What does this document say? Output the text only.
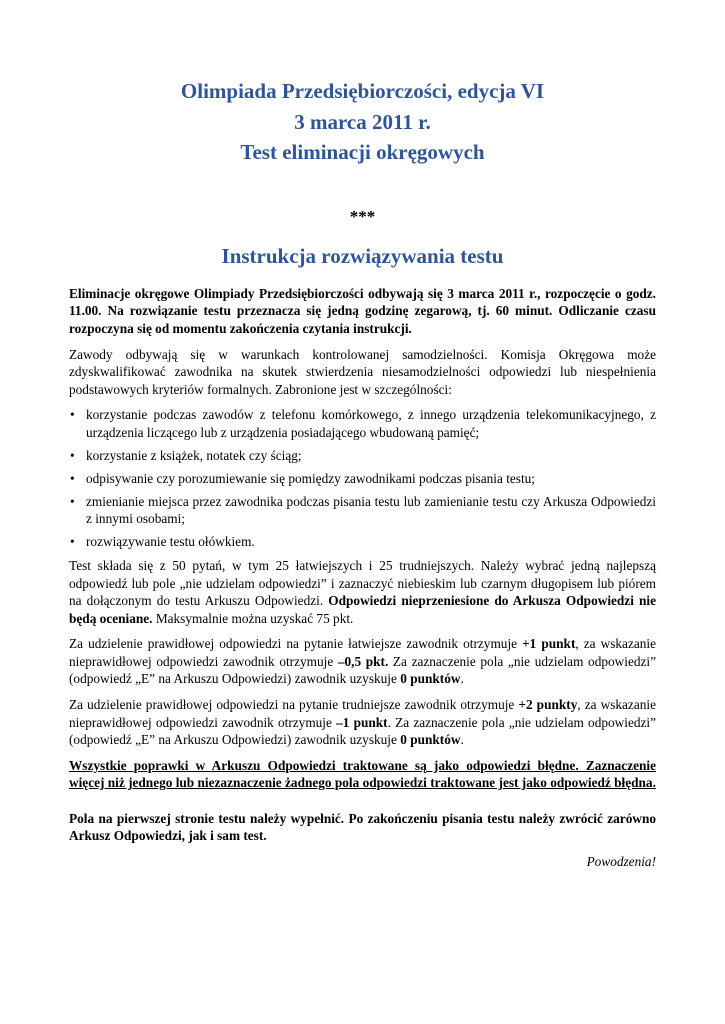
Olimpiada Przedsiębiorczości, edycja VI
3 marca 2011 r.
Test eliminacji okręgowych
***
Instrukcja rozwiązywania testu

Eliminacje okręgowe Olimpiady Przedsiębiorczości odbywają się 3 marca 2011 r., rozpoczęcie o godz. 11.00. Na rozwiązanie testu przeznacza się jedną godzinę zegarową, tj. 60 minut. Odliczanie czasu rozpoczyna się od momentu zakończenia czytania instrukcji.

Zawody odbywają się w warunkach kontrolowanej samodzielności. Komisja Okręgowa może zdyskwalifikować zawodnika na skutek stwierdzenia niesamodzielności odpowiedzi lub niespełnienia podstawowych kryteriów formalnych. Zabronione jest w szczególności:

• korzystanie podczas zawodów z telefonu komórkowego, z innego urządzenia telekomunikacyjnego, z urządzenia liczącego lub z urządzenia posiadającego wbudowaną pamięć;
• korzystanie z książek, notatek czy ściąg;
• odpisywanie czy porozumiewanie się pomiędzy zawodnikami podczas pisania testu;
• zmienianie miejsca przez zawodnika podczas pisania testu lub zamienianie testu czy Arkusza Odpowiedzi z innymi osobami;
• rozwiązywanie testu ołówkiem.

Test składa się z 50 pytań, w tym 25 łatwiejszych i 25 trudniejszych. Należy wybrać jedną najlepszą odpowiedź lub pole „nie udzielam odpowiedzi” i zaznaczyć niebieskim lub czarnym długopisem lub piórem na dołączonym do testu Arkuszu Odpowiedzi. Odpowiedzi nieprzeniesione do Arkusza Odpowiedzi nie będą oceniane. Maksymalnie można uzyskać 75 pkt.

Za udzielenie prawidłowej odpowiedzi na pytanie łatwiejsze zawodnik otrzymuje +1 punkt, za wskazanie nieprawidłowej odpowiedzi zawodnik otrzymuje –0,5 pkt. Za zaznaczenie pola „nie udzielam odpowiedzi” (odpowiedź „E” na Arkuszu Odpowiedzi) zawodnik uzyskuje 0 punktów.

Za udzielenie prawidłowej odpowiedzi na pytanie trudniejsze zawodnik otrzymuje +2 punkty, za wskazanie nieprawidłowej odpowiedzi zawodnik otrzymuje –1 punkt. Za zaznaczenie pola „nie udzielam odpowiedzi” (odpowiedź „E” na Arkuszu Odpowiedzi) zawodnik uzyskuje 0 punktów.

Wszystkie poprawki w Arkuszu Odpowiedzi traktowane są jako odpowiedzi błędne. Zaznaczenie więcej niż jednego lub niezaznaczenie żadnego pola odpowiedzi traktowane jest jako odpowiedź błędna.

Pola na pierwszej stronie testu należy wypełnić. Po zakończeniu pisania testu należy zwrócić zarówno Arkusz Odpowiedzi, jak i sam test.

Powodzenia!
